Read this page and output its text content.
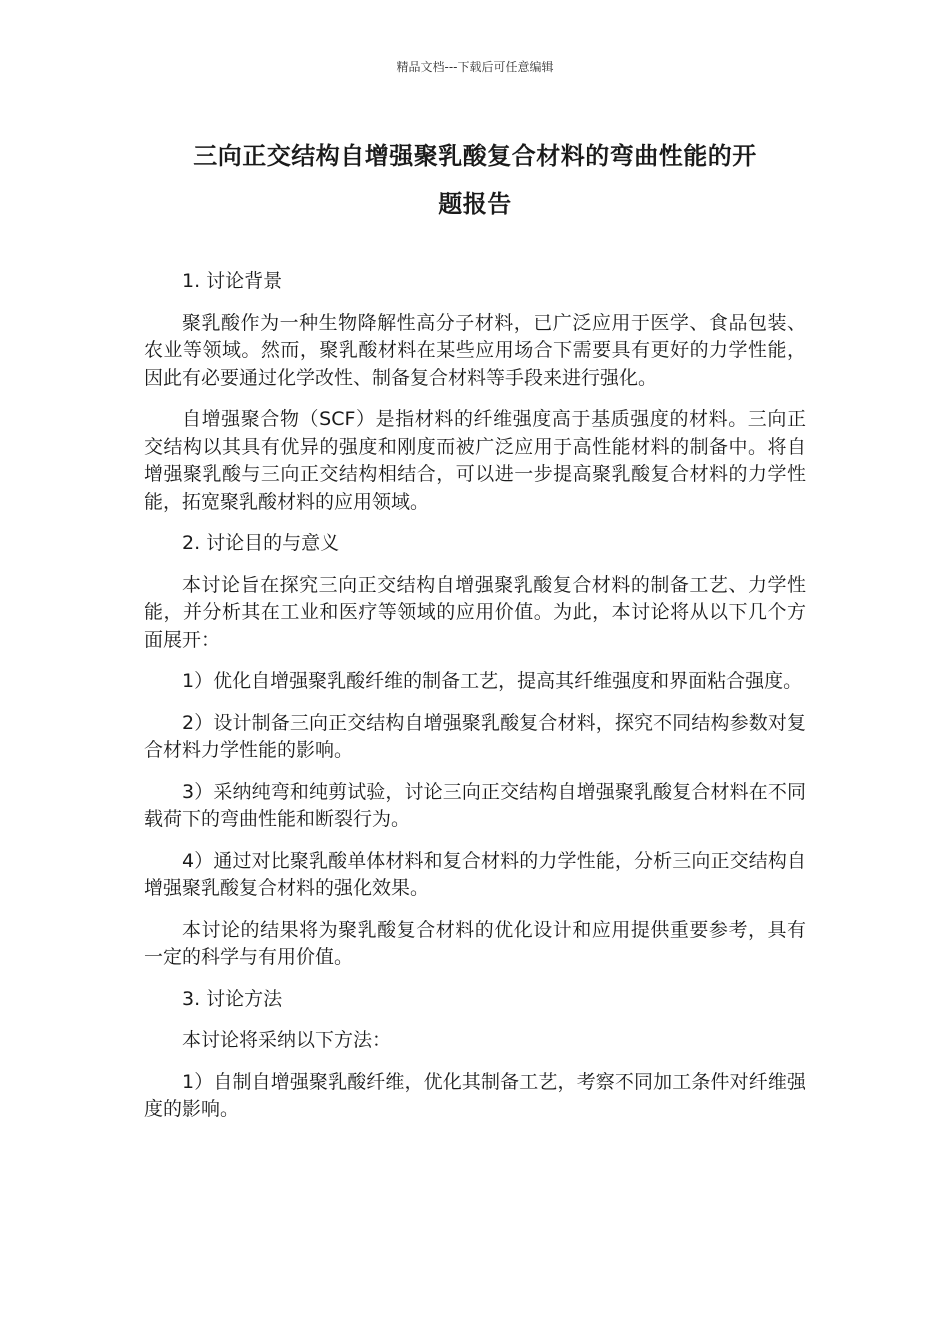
精品文档---下载后可任意编辑
三向正交结构自增强聚乳酸复合材料的弯曲性能的开
题报告
1. 讨论背景

聚乳酸作为一种生物降解性高分子材料，已广泛应用于医学、食品包装、农业等领域。然而，聚乳酸材料在某些应用场合下需要具有更好的力学性能，因此有必要通过化学改性、制备复合材料等手段来进行强化。

自增强聚合物（SCF）是指材料的纤维强度高于基质强度的材料。三向正交结构以其具有优异的强度和刚度而被广泛应用于高性能材料的制备中。将自增强聚乳酸与三向正交结构相结合，可以进一步提高聚乳酸复合材料的力学性能，拓宽聚乳酸材料的应用领域。

2. 讨论目的与意义

本讨论旨在探究三向正交结构自增强聚乳酸复合材料的制备工艺、力学性能，并分析其在工业和医疗等领域的应用价值。为此，本讨论将从以下几个方面展开：

1）优化自增强聚乳酸纤维的制备工艺，提高其纤维强度和界面粘合强度。

2）设计制备三向正交结构自增强聚乳酸复合材料，探究不同结构参数对复合材料力学性能的影响。

3）采纳纯弯和纯剪试验，讨论三向正交结构自增强聚乳酸复合材料在不同载荷下的弯曲性能和断裂行为。

4）通过对比聚乳酸单体材料和复合材料的力学性能，分析三向正交结构自增强聚乳酸复合材料的强化效果。

本讨论的结果将为聚乳酸复合材料的优化设计和应用提供重要参考，具有一定的科学与有用价值。

3. 讨论方法

本讨论将采纳以下方法：

1）自制自增强聚乳酸纤维，优化其制备工艺，考察不同加工条件对纤维强度的影响。
